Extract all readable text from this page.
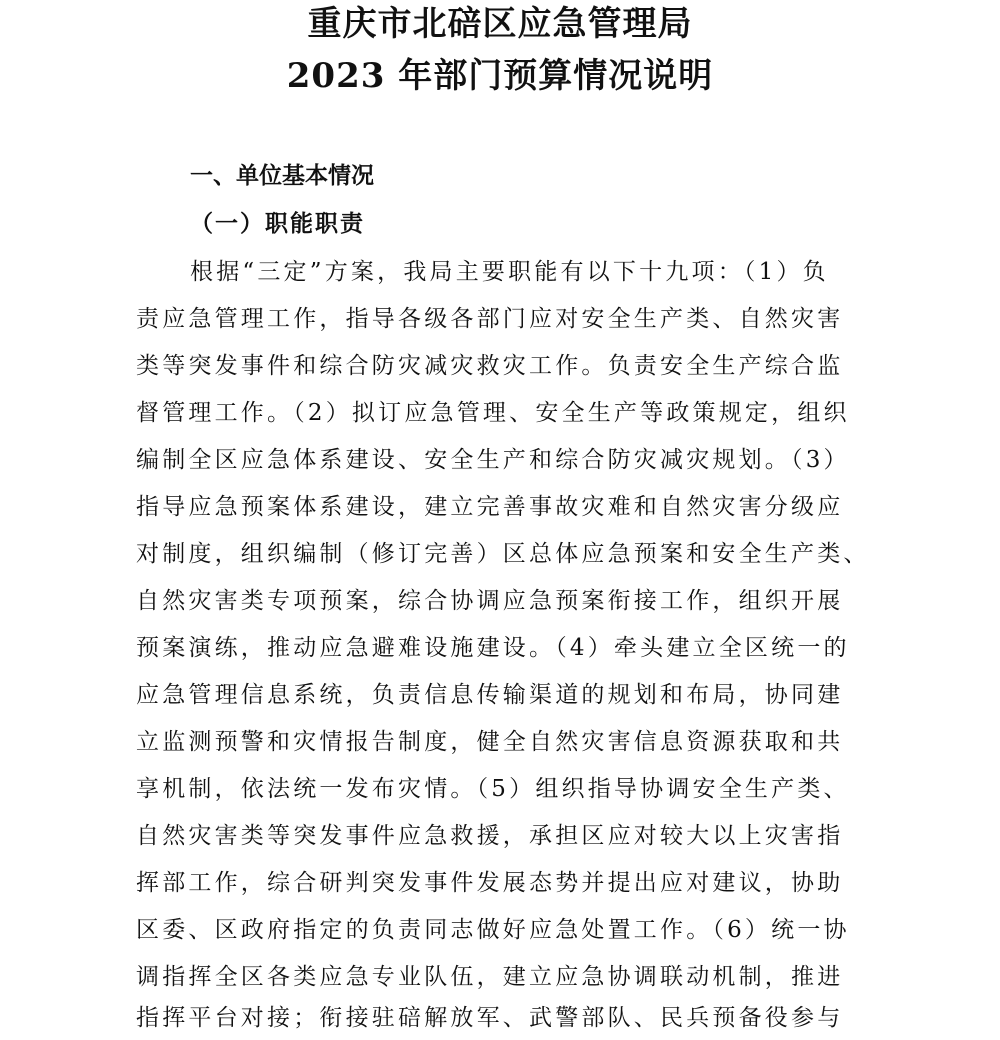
重庆市北碚区应急管理局
2023 年部门预算情况说明
一、单位基本情况
（一）职能职责

根据“三定”方案，我局主要职能有以下十九项：（1）负

责应急管理工作，指导各级各部门应对安全生产类、自然灾害

类等突发事件和综合防灾减灾救灾工作。负责安全生产综合监

督管理工作。（2）拟订应急管理、安全生产等政策规定，组织

编制全区应急体系建设、安全生产和综合防灾减灾规划。（3）

指导应急预案体系建设，建立完善事故灾难和自然灾害分级应

对制度，组织编制（修订完善）区总体应急预案和安全生产类、

自然灾害类专项预案，综合协调应急预案衔接工作，组织开展

预案演练，推动应急避难设施建设。（4）牵头建立全区统一的

应急管理信息系统，负责信息传输渠道的规划和布局，协同建

立监测预警和灾情报告制度，健全自然灾害信息资源获取和共

享机制，依法统一发布灾情。（5）组织指导协调安全生产类、

自然灾害类等突发事件应急救援，承担区应对较大以上灾害指

挥部工作，综合研判突发事件发展态势并提出应对建议，协助

区委、区政府指定的负责同志做好应急处置工作。（6）统一协

调指挥全区各类应急专业队伍，建立应急协调联动机制，推进

指挥平台对接；衔接驻碚解放军、武警部队、民兵预备役参与
